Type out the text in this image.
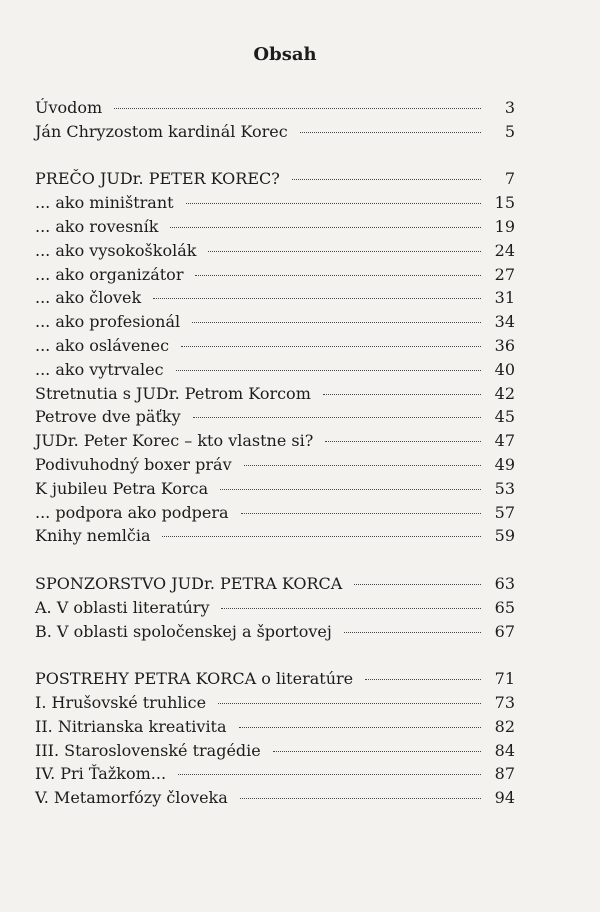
Obsah
Úvodom	3
Ján Chryzostom kardinál Korec	5
PREČO JUDr. PETER KOREC?	7
... ako miništrant	15
... ako rovesník	19
... ako vysokoškolák	24
... ako organizátor	27
... ako človek	31
... ako profesionál	34
... ako oslávenec	36
... ako vytrvalec	40
Stretnutia s JUDr. Petrom Korcom	42
Petrove dve päťky	45
JUDr. Peter Korec – kto vlastne si?	47
Podivuhodný boxer práv	49
K jubileu Petra Korca	53
... podpora ako podpera	57
Knihy nemlčia	59
SPONZORSTVO JUDr. PETRA KORCA	63
A. V oblasti literatúry	65
B. V oblasti spoločenskej a športovej	67
POSTREHY PETRA KORCA o literatúre	71
I. Hrušovské truhlice	73
II. Nitrianska kreativita	82
III. Staroslovenské tragédie	84
IV. Pri Ťažkom...	87
V. Metamorfózy človeka	94
